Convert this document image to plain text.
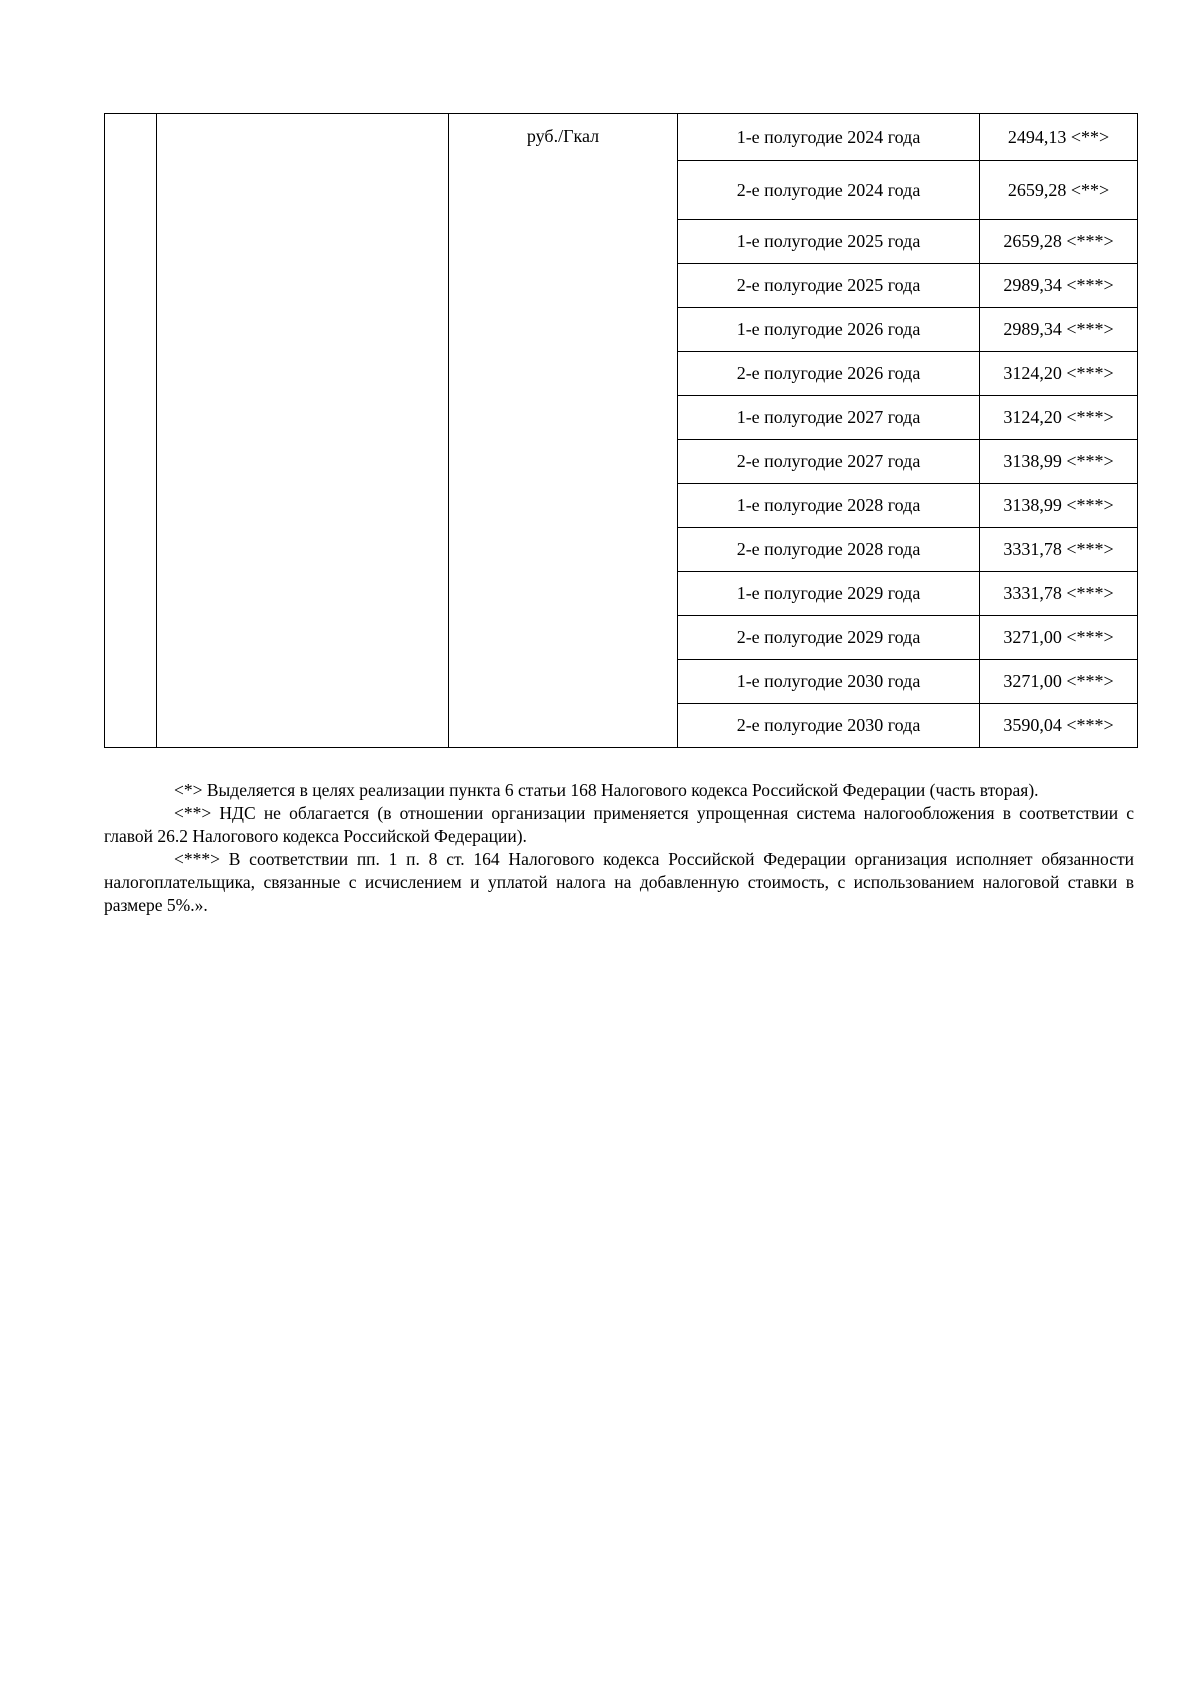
		руб./Гкал	1-е полугодие 2024 года	2494,13 <**>
			2-е полугодие 2024 года	2659,28 <**>
			1-е полугодие 2025 года	2659,28 <***>
			2-е полугодие 2025 года	2989,34 <***>
			1-е полугодие 2026 года	2989,34 <***>
			2-е полугодие 2026 года	3124,20 <***>
			1-е полугодие 2027 года	3124,20 <***>
			2-е полугодие 2027 года	3138,99 <***>
			1-е полугодие 2028 года	3138,99 <***>
			2-е полугодие 2028 года	3331,78 <***>
			1-е полугодие 2029 года	3331,78 <***>
			2-е полугодие 2029 года	3271,00 <***>
			1-е полугодие 2030 года	3271,00 <***>
			2-е полугодие 2030 года	3590,04 <***>

<*> Выделяется в целях реализации пункта 6 статьи 168 Налогового кодекса Российской Федерации (часть вторая).

<**> НДС не облагается (в отношении организации применяется упрощенная система налогообложения в соответствии с главой 26.2 Налогового кодекса Российской Федерации).

<***> В соответствии пп. 1 п. 8 ст. 164 Налогового кодекса Российской Федерации организация исполняет обязанности налогоплательщика, связанные с исчислением и уплатой налога на добавленную стоимость, с использованием налоговой ставки в размере 5%.».
